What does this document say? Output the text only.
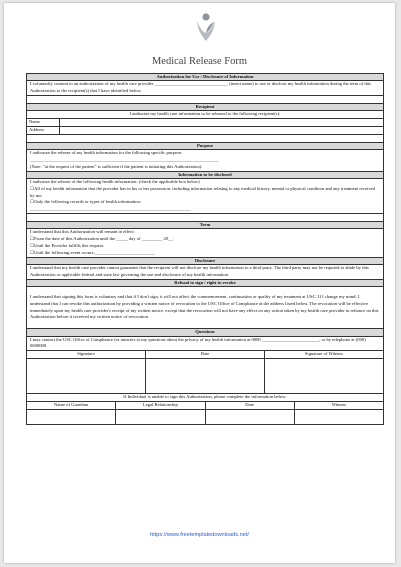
Medical Release Form
Authorization for Use / Disclosure of Information
I voluntarily consent to an authorization of my health care provider ________________________________ (insert name) to use or disclose my health information during the term of this Authorization to the recipient(s) that I have identified below.
Recipient
I authorize my health care information to be released to the following recipient(s):
Name
Address
Purpose
I authorize the release of my health information for the following specific purpose:
__________________________________________________________________________________
(Note: "at the request of the patient" is sufficient if the patient is initiating this Authorization).
Information to be disclosed
I authorize the release of the following health information: (check the applicable box below)
☐All of my health information that the provider has in his or her possession, including information relating to any medical history, mental or physical condition and any treatment received by me.
☐Only the following records or types of health information:
______________________________________________________________________
Term
I understand that this Authorization will remain in effect:
☐From the date of this Authorization until the _____ day of _________ 20__.
☐Until the Provider fulfills this request.
☐Until the following event occurs:__________________________
Disclosure
I understand that my health care provider cannot guarantee that the recipient will not disclose my health information to a third party. The third party may not be required to abide by this Authorization or applicable federal and state law governing the use and disclosure of my health information.
Refusal to sign / right to revoke
I understand that signing this form is voluntary and that if I don't sign, it will not affect the commencement, continuation or quality of my treatment at USC. If I change my mind, I understand that I can revoke this authorization by providing a written notice of revocation to the USC Office of Compliance at the address listed below. The revocation will be effective immediately upon my health care provider's receipt of my written notice, except that the revocation will not have any effect on any action taken by my health care provider in reliance on this Authorization before it received my written notice of revocation.
Questions
I may contact the USC Office of Compliance for answers to my questions about the privacy of my health information at 0000 _________________________, or by telephone at (000) 0000000.
Signature	Date	Signature of Witness
If Individual is unable to sign this Authorization, please complete the information below:
Name of Guardian	Legal Relationship	Date	Witness
https://www.freetemplatedownloads.net/
